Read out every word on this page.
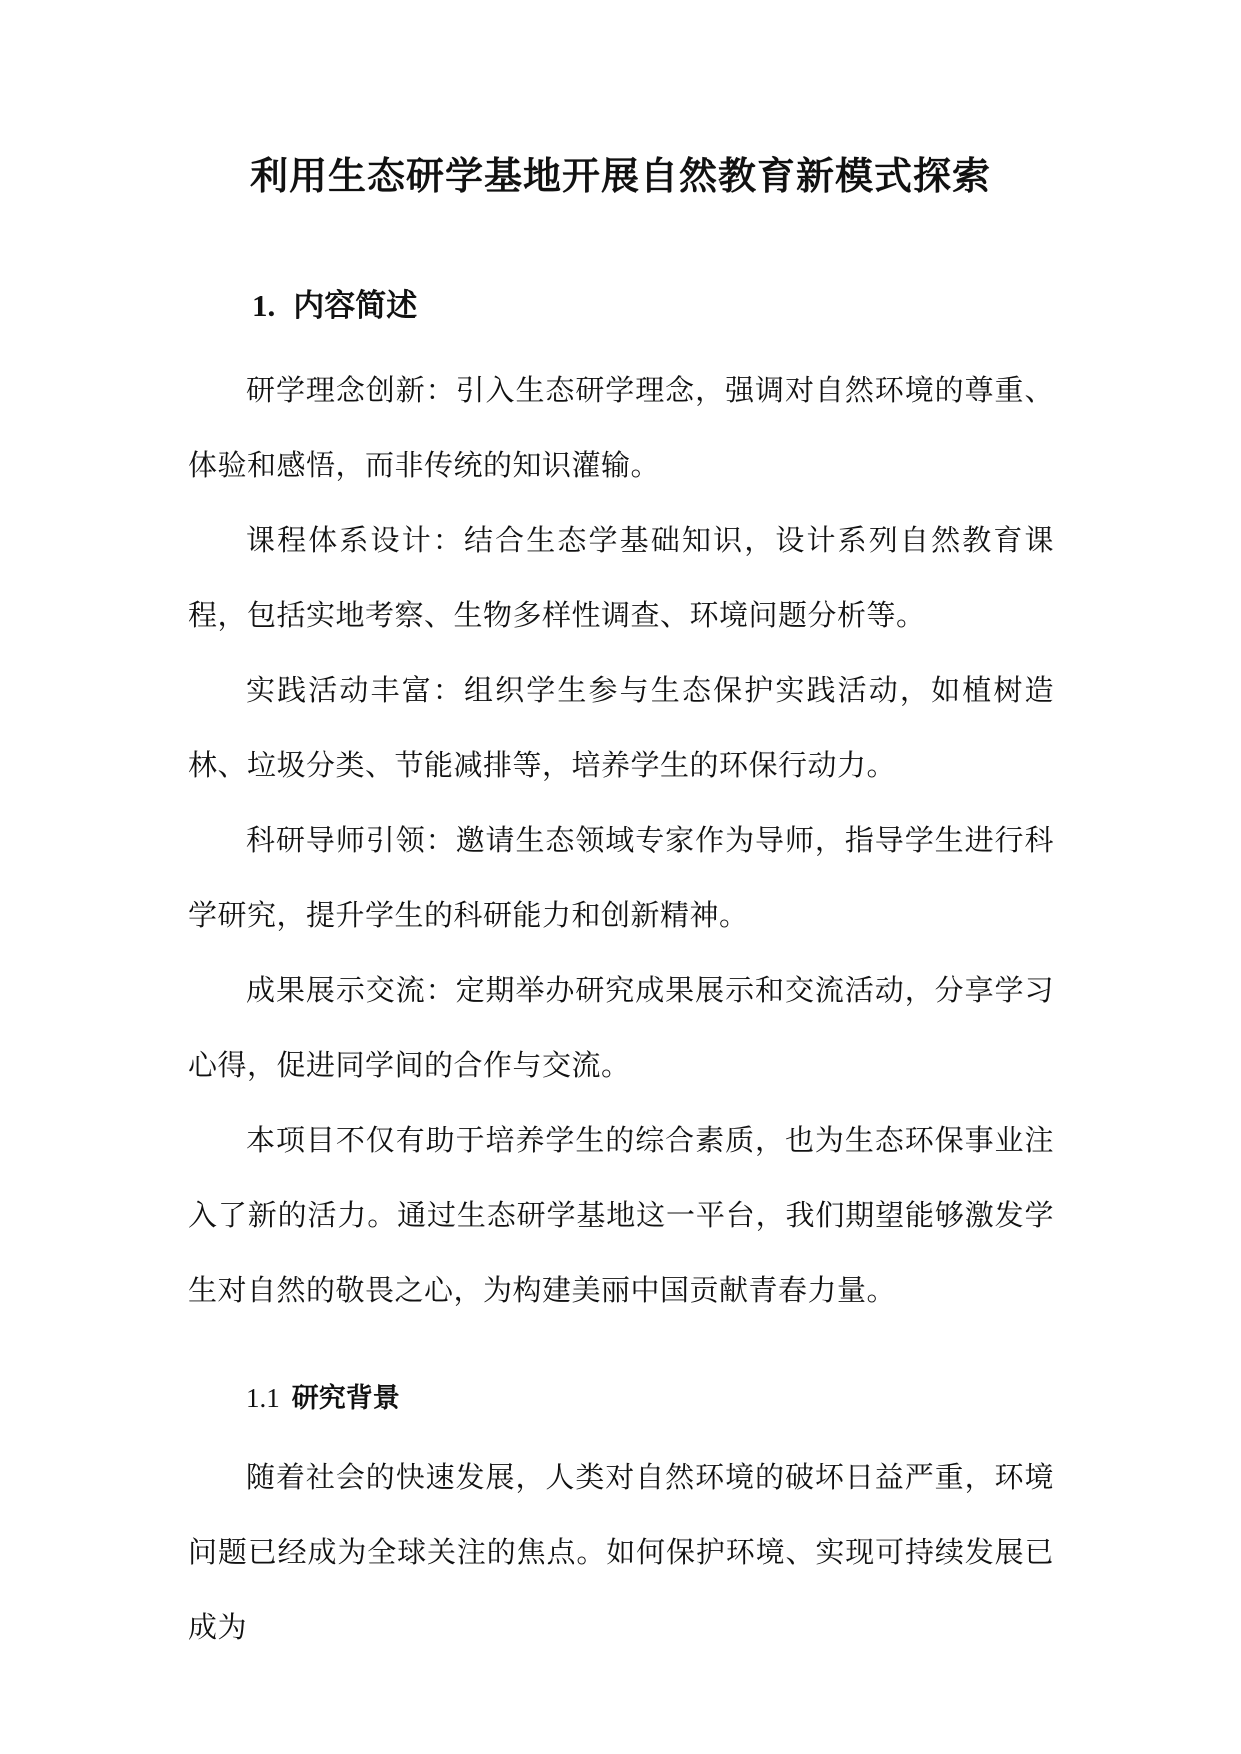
利用生态研学基地开展自然教育新模式探索
1. 内容简述

研学理念创新：引入生态研学理念，强调对自然环境的尊重、体验和感悟，而非传统的知识灌输。

课程体系设计：结合生态学基础知识，设计系列自然教育课程，包括实地考察、生物多样性调查、环境问题分析等。

实践活动丰富：组织学生参与生态保护实践活动，如植树造林、垃圾分类、节能减排等，培养学生的环保行动力。

科研导师引领：邀请生态领域专家作为导师，指导学生进行科学研究，提升学生的科研能力和创新精神。

成果展示交流：定期举办研究成果展示和交流活动，分享学习心得，促进同学间的合作与交流。

本项目不仅有助于培养学生的综合素质，也为生态环保事业注入了新的活力。通过生态研学基地这一平台，我们期望能够激发学生对自然的敬畏之心，为构建美丽中国贡献青春力量。

1.1 研究背景

随着社会的快速发展，人类对自然环境的破坏日益严重，环境问题已经成为全球关注的焦点。如何保护环境、实现可持续发展已成为
